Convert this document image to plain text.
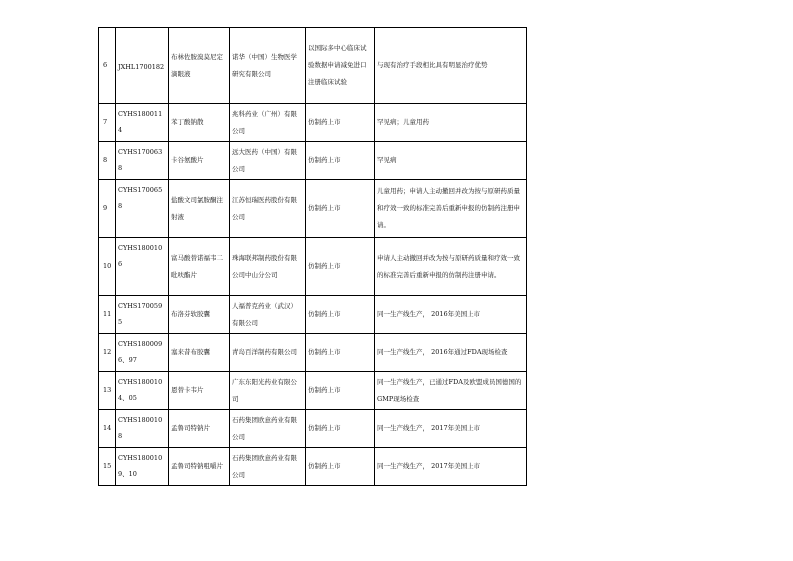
6	JXHL1700182	布林佐胺溴莫尼定滴眼液	诺华（中国）生物医学研究有限公司	以国际多中心临床试验数据申请减免进口注册临床试验	与现有治疗手段相比具有明显治疗优势
7	CYHS1800114	苯丁酸钠散	兆科药业（广州）有限公司	仿制药上市	罕见病；儿童用药
8	CYHS1700638	卡谷氨酸片	远大医药（中国）有限公司	仿制药上市	罕见病
9	CYHS1700658	盐酸文司氯胺酮注射液	江苏恒瑞医药股份有限公司	仿制药上市	儿童用药；申请人主动撤回并改为按与原研药质量和疗效一致的标准完善后重新申报的仿制药注册申请。
10	CYHS1800106	富马酸替诺福韦二吡呋酯片	珠海联邦制药股份有限公司中山分公司	仿制药上市	申请人主动撤回并改为按与原研药质量和疗效一致的标准完善后重新申报的仿制药注册申请。
11	CYHS1700595	布洛芬软胶囊	人福普克药业（武汉）有限公司	仿制药上市	同一生产线生产， 2016年美国上市
12	CYHS1800096、97	塞来昔布胶囊	青岛百洋制药有限公司	仿制药上市	同一生产线生产， 2016年通过FDA现场检查
13	CYHS1800104、05	恩替卡韦片	广东东阳光药业有限公司	仿制药上市	同一生产线生产，已通过FDA及欧盟成员国德国的GMP现场检查
14	CYHS1800108	孟鲁司特钠片	石药集团欧意药业有限公司	仿制药上市	同一生产线生产， 2017年美国上市
15	CYHS1800109、10	孟鲁司特钠咀嚼片	石药集团欧意药业有限公司	仿制药上市	同一生产线生产， 2017年美国上市
